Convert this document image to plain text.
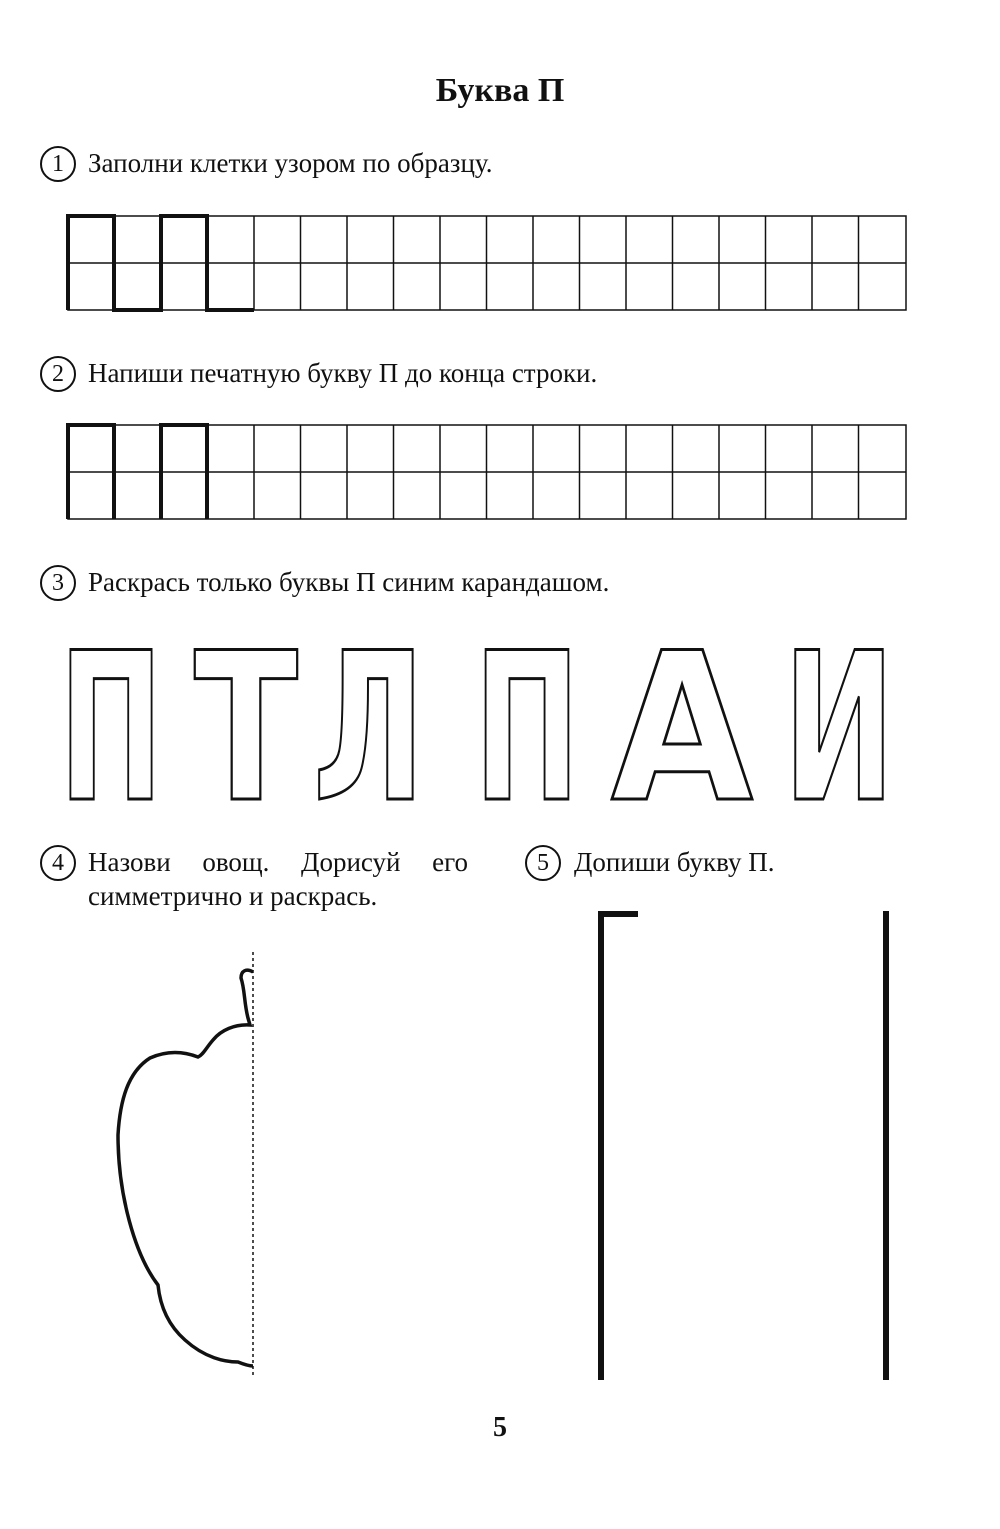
Буква П
1 Заполни клетки узором по образцу.
2 Напиши печатную букву П до конца строки.
3 Раскрась только буквы П синим карандашом.
4 Назови овощ. Дорисуй его
симметрично и раскрась.
5 Допиши букву П.
П Т Л П А И
5
